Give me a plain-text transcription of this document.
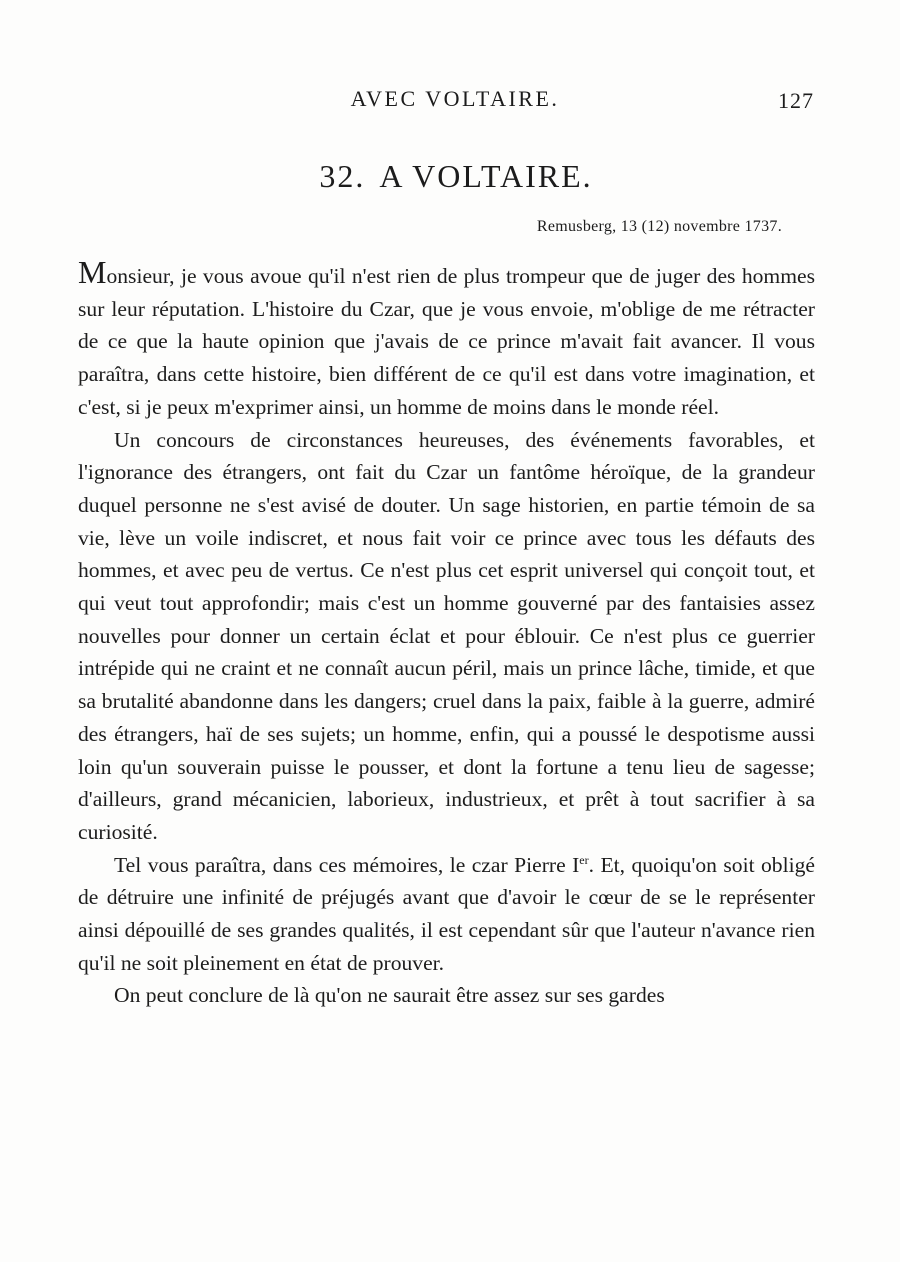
AVEC VOLTAIRE.	127
32. A VOLTAIRE.
Remusberg, 13 (12) novembre 1737.

Monsieur, je vous avoue qu'il n'est rien de plus trompeur que de juger des hommes sur leur réputation. L'histoire du Czar, que je vous envoie, m'oblige de me rétracter de ce que la haute opinion que j'avais de ce prince m'avait fait avancer. Il vous paraîtra, dans cette histoire, bien différent de ce qu'il est dans votre imagination, et c'est, si je peux m'exprimer ainsi, un homme de moins dans le monde réel.

Un concours de circonstances heureuses, des événements favorables, et l'ignorance des étrangers, ont fait du Czar un fantôme héroïque, de la grandeur duquel personne ne s'est avisé de douter. Un sage historien, en partie témoin de sa vie, lève un voile indiscret, et nous fait voir ce prince avec tous les défauts des hommes, et avec peu de vertus. Ce n'est plus cet esprit universel qui conçoit tout, et qui veut tout approfondir; mais c'est un homme gouverné par des fantaisies assez nouvelles pour donner un certain éclat et pour éblouir. Ce n'est plus ce guerrier intrépide qui ne craint et ne connaît aucun péril, mais un prince lâche, timide, et que sa brutalité abandonne dans les dangers; cruel dans la paix, faible à la guerre, admiré des étrangers, haï de ses sujets; un homme, enfin, qui a poussé le despotisme aussi loin qu'un souverain puisse le pousser, et dont la fortune a tenu lieu de sagesse; d'ailleurs, grand mécanicien, laborieux, industrieux, et prêt à tout sacrifier à sa curiosité.

Tel vous paraîtra, dans ces mémoires, le czar Pierre Ier. Et, quoiqu'on soit obligé de détruire une infinité de préjugés avant que d'avoir le cœur de se le représenter ainsi dépouillé de ses grandes qualités, il est cependant sûr que l'auteur n'avance rien qu'il ne soit pleinement en état de prouver.

On peut conclure de là qu'on ne saurait être assez sur ses gardes
